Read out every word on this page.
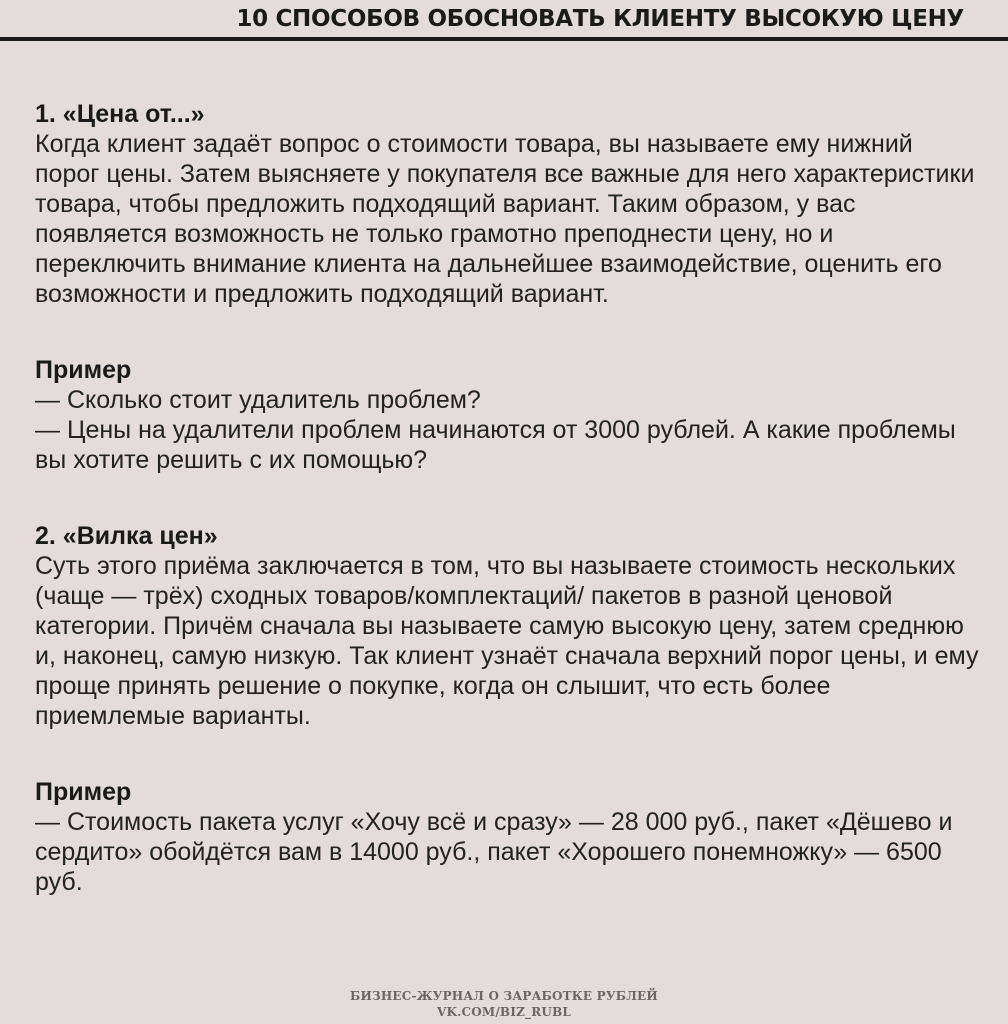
10 СПОСОБОВ ОБОСНОВАТЬ КЛИЕНТУ ВЫСОКУЮ ЦЕНУ
1. «Цена от...»

Когда клиент задаёт вопрос о стоимости товара, вы называете ему нижний порог цены. Затем выясняете у покупателя все важные для него характеристики товара, чтобы предложить подходящий вариант. Таким образом, у вас появляется возможность не только грамотно преподнести цену, но и переключить внимание клиента на дальнейшее взаимодействие, оценить его возможности и предложить подходящий вариант.

Пример

— Сколько стоит удалитель проблем?
— Цены на удалители проблем начинаются от 3000 рублей. А какие проблемы вы хотите решить с их помощью?

2. «Вилка цен»

Суть этого приёма заключается в том, что вы называете стоимость нескольких (чаще — трёх) сходных товаров/комплектаций/ пакетов в разной ценовой категории. Причём сначала вы называете самую высокую цену, затем среднюю и, наконец, самую низкую. Так клиент узнаёт сначала верхний порог цены, и ему проще принять решение о покупке, когда он слышит, что есть более приемлемые варианты.

Пример

— Стоимость пакета услуг «Хочу всё и сразу» — 28 000 руб., пакет «Дёшево и сердито» обойдётся вам в 14000 руб., пакет «Хорошего понемножку» — 6500 руб.

БИЗНЕС-ЖУРНАЛ О ЗАРАБОТКЕ РУБЛЕЙ
VK.COM/BIZ_RUBL
